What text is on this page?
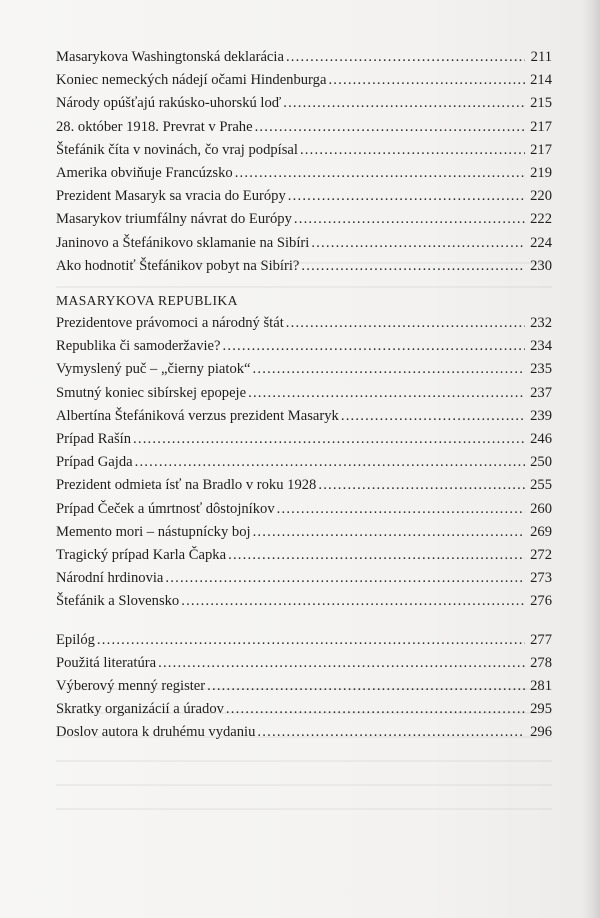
Masarykova Washingtonská deklarácia .....	211
Koniec nemeckých nádejí očami Hindenburga .....	214
Národy opúšťajú rakúsko-uhorskú loď .....	215
28. október 1918. Prevrat v Prahe .....	217
Štefánik číta v novinách, čo vraj podpísal .....	217
Amerika obviňuje Francúzsko .....	219
Prezident Masaryk sa vracia do Európy .....	220
Masarykov triumfálny návrat do Európy .....	222
Janinovo a Štefánikovo sklamanie na Sibíri .....	224
Ako hodnotiť Štefánikov pobyt na Sibíri? .....	230
MASARYKOVA REPUBLIKA
Prezidentove právomoci a národný štát .....	232
Republika či samoderžavie? .....	234
Vymyslený puč – „čierny piatok“ .....	235
Smutný koniec sibírskej epopeje .....	237
Albertína Štefániková verzus prezident Masaryk .....	239
Prípad Rašín .....	246
Prípad Gajda .....	250
Prezident odmieta ísť na Bradlo v roku 1928 .....	255
Prípad Čeček a úmrtnosť dôstojníkov .....	260
Memento mori – nástupnícky boj .....	269
Tragický prípad Karla Čapka .....	272
Národní hrdinovia .....	273
Štefánik a Slovensko .....	276
Epilóg .....	277
Použitá literatúra .....	278
Výberový menný register .....	281
Skratky organizácií a úradov .....	295
Doslov autora k druhému vydaniu .....	296
